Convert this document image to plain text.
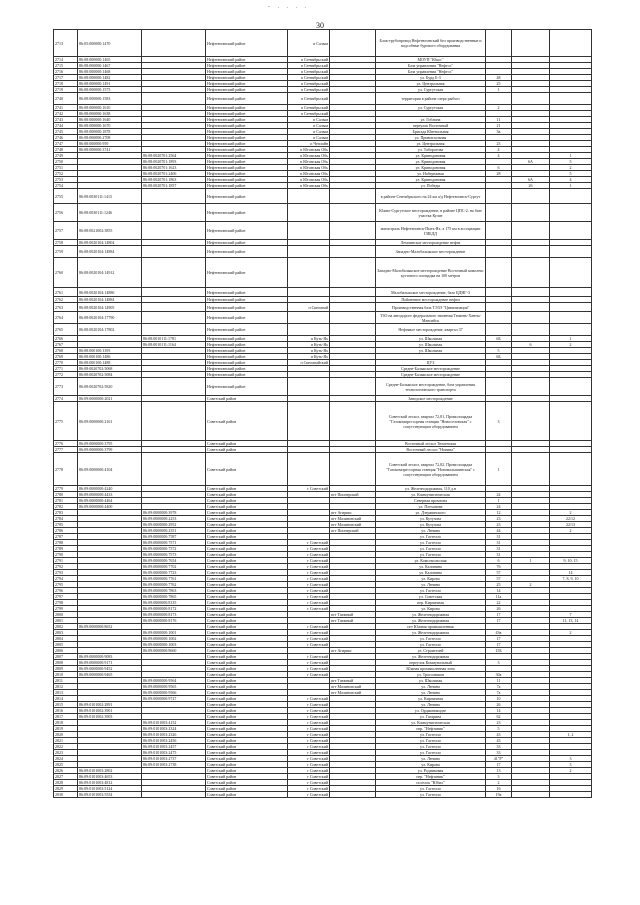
- . . . .
30
2713	86:05:000000:1470		Нефтеюганский район	п Салым		Блок-трубопровод Нефтеюганский бел производственные и подсобные бурового оборудования			
2714	86:08:000000:1465		Нефтеюганский район	п Сентябрьский		МОУП "Юкос"			
2715	86:08:000000:1467		Нефтеюганский район	п Сентябрьский		База управления "Нефтос"			
2716	86:08:000000:1468		Нефтеюганский район	п Сентябрьский		База управления "Нефтос"			
2717	86:08:000000:1482		Нефтеюганский район	п Сентябрьский		ул. Бурд Б-3	48		
2718	86:08:000000:1491		Нефтеюганский район	п Сентябрьский		ул. Центральная	25		
2719	86:08:000000:1575		Нефтеюганский район	п Сентябрьский		ул. Сургутская	1		
2740	86:08:000000:1583		Нефтеюганский район	п Сентябрьский		территория в районе озера рыбхоз			
2741	86:08:000000:1610		Нефтеюганский район	п Сентябрьский		ул. Сургутская	2		
2742	86:08:000000:1638		Нефтеюганский район	п Сентябрьский					
2743	86:08:000000:1640		Нефтеюганский район	п Салым		ул. Гоблина	11		
2744	86:08:000000:1670		Нефтеюганский район	п Салым		переулок Восточный	21		
2745	86:08:000000:1878		Нефтеюганский район	п Салым		Бригада Ювенальная	3в		
2746	86:08:000000:2708		Нефтеюганский район	п Салым		ул. Привокзальная			
2747	86:08:000000:959		Нефтеюганский район	п Чеплайн		ул. Центральная	23		
2748	86:08:000000:3741		Нефтеюганский район	п Юганская Обь		ул. Таборогова	4		
2749		86:08:0020701:2564	Нефтеюганский район	п Юганская Обь		ул. Криводановая	4		1
2750		86:08:0020701:1893	Нефтеюганский район	п Юганская Обь		ул. Криводановая		6А	5
2751		86:08:0020701:1623	Нефтеюганский район	п Юганская Обь		ул. Криводановая	6		2
2752		86:08:0020701:2406	Нефтеюганский район	п Юганская Обь		ул. Набережная	28		5
2753		86:08:0020701:1863	Нефтеюганский район	п Юганская Обь		ул. Криводановая		6А	4
2754		86:08:0020701:1857	Нефтеюганский район	п Юганская Обь		ул. Победы		26	1
2755	86:08:0030111:1415		Нефтеюганский район			в районе Сентябрьского на 24 км а/д Нефтеюганск-Сургут			
2756	86:08:0030111:1246		Нефтеюганский район			Южно-Сургутское месторождение, в районе ЦПС-2, на базе участка Кулит			
2757	86:08:0021002:3855		Нефтеюганский район			магистраль Нефтеюганск-Пыть-Ях, а 175 км в ассоциации ГИБДД			
2758	86:08:0020104:14804		Нефтеюганский район			Лемпинское месторождение нефти			
2759	86:08:0020104:14884		Нефтеюганский район			Западно-Малобалыкское месторождение			
2760	86:08:0020104:14912		Нефтеюганский район			Западно-Малобалыкское месторождение Восточный комплекс кустового площадка на 100 метров			
2761	86:08:0020104:14886		Нефтеюганский район			Малобалыкское месторождение, база ЦДНГ-3			
2762	86:08:0020104:14884		Нефтеюганский район			Пойменное месторождение нефти			
2763	86:08:0020104:14905		Нефтеюганский район	п Сингапай		Производственная база ТЭЗЭ "Цивилизация"			
2764	86:08:0020104:17790		Нефтеюганский район			ТЗО на автодороге федерального значения Тюмень-Ханты-Мансийск			
2765	86:08:0020104:17802		Нефтеюганский район			Нефтяное месторождение, квартал 37			
2766		86:08:0010111:1781	Нефтеюганский район	п Куть-Ях		ул. Школьная	6Б		1
2767		86:08:0010111:1164	Нефтеюганский район	п Куть-Ях		ул. Школьная		6	2
2768	86:08:000100:1395		Нефтеюганский район	п Куть-Ях		ул. Школьная	5		
2769	86:08:000100:1486		Нефтеюганский район	п Куть-Ях			6Б		
2770	86:08:000100:1488		Нефтеюганский район	п Сингапайский		ЦУЗ			
2771	86:08:0020702:5068		Нефтеюганский район			Средне-Балыкское месторождение			
2772	86:08:0020702:5084		Нефтеюганский район			Средне-Балыкское месторождение			
2773	86:08:0020702:5820		Нефтеюганский район			Средне-Балыкское месторождение, база управления технологического транспорта			
2774	86:09:0000000:2021		Советский район			Заводское месторождение			
2775	86:09:0000000:2161		Советский район			Советский лесхоз, квартал 72,81, Промплощадка "Газокомпрессорная станция "Новоселовская" с сопутствующим оборудованием	3		
2776	86:09:0000000:3795		Советский район			Восточный лесхоз Тюменская			
2777	86:09:0000000:3799		Советский район			Восточный лесхоз "Новина"			
2778	86:09:0000000:4104		Советский район			Советский лесхоз, квартал 72,82, Промплощадка "Газокомпрессорная станция "Новомалышинская" с сопутствующим оборудованием	1		
2779	86:09:0000000:4240		Советский район	г Советский		ул. Железнодорожная, 110 д.н			
2780	86:09:0000000:4433		Советский район		пгт Пионерский	ул. Коммунистическая	24		
2781	86:09:0000000:4464		Советский район			Северная промзона	1		
2782	86:09:0000000:4400		Советский район			ул. Плеханова	24		
2783		86:09:0000000:3978	Советский район		пгт Агириш	ул. Дзержинского	12		2
2784		86:09:0000000:2253	Советский район		пгт Малиновский	ул. Кутузова	23		22/12
2785		86:09:0000000:2952	Советский район		пгт Малиновский	ул. Кутузова	23		22/13
2786		86:09:0000000:2351	Советский район		пгт Пионерский	ул. Ленина	44		2
2787		86:09:0000000:7587	Советский район			ул. Гастелло	31		
2788		86:09:0000000:7571	Советский район	г Советский		ул. Гастелло	31		
2789		86:09:0000000:7572	Советский район	г Советский		ул. Гастелло	31		
2790		86:09:0000000:7573	Советский район	г Советский		ул. Гастелло	31		
2791		86:09:0000000:7654	Советский район	г Советский		ул. Комсомольская	6	1	9, 10, 15
2792		86:09:0000000:7702	Советский район	г Советский		ул. Калинина	76		
2793		86:09:0000000:7723	Советский район	г Советский		ул. Калинина	57		14
2794		86:09:0000000:7761	Советский район	г Советский		ул. Кирова	57		7, 8, 9, 10
2795		86:09:0000000:7762	Советский район	г Советский		ул. Ленина	25	2	
2796		86:09:0000000:7863	Советский район	г Советский		ул. Гастелло	14		
2797		86:09:0000000:7865	Советский район	г Советский		ул. Советская	11а		
2798		86:09:0000000:8135	Советский район	г Советский		пер. Кирпичная	22		
2799		86:09:0000000:8172	Советский район	г Советский		ул. Кирова	26		
2800		86:09:0000000:8173	Советский район		пгт Таежный	ул. Железнодорожная	17		7
2801		86:09:0000000:8176	Советский район		пгт Таежный	ул. Железнодорожная	17		11, 13, 14
2802	86:09:0000000:8652		Советский район	г Советский		пгт Южная промышленная			
2803		86:09:0000000:1001	Советский район	г Советский		ул. Железнодорожная	43в		2
2804		86:09:0000000:1002	Советский район	г Советский		ул. Гастелло	17		
2805		86:09:0000000:1003	Советский район	г Советский		ул. Гастелло	17		
2806		86:09:0000000:8660	Советский район		пгт Агириш	ул. Строителей	15Б		
2807	86:09:0000000:9083		Советский район	г Советский		ул. Железнодорожная			
2808	86:09:0000000:9171		Советский район	г Советский		переулок Коммунальный	3		
2809	86:09:0000000:9452		Советский район	г Советский		Южная промышленная зона			
2810	86:09:0000000:9465		Советский район	г Советский		ул. Трассовиков	30а		
2811		86:09:0000000:9564	Советский район		пгт Таежный	ул. Школьная	11		
2812		86:09:0000000:9565	Советский район		пгт Малиновский	ул. Ленина	7а		
2813		86:09:0000000:9566	Советский район		пгт Малиновский	ул. Ленина	7а		
2814		86:09:0000000:9727	Советский район	г Советский		ул. Кирпичная	10		
2815	86:09:0101002:2891		Советский район	г Советский		ул. Ленина	26		
2816	86:09:0101002:3901		Советский район	г Советский		ул. Орджоникидзе	14		
2817	86:09:0101002:3903		Советский район	г Советский		ул. Гагарина	62		
2818		86:09:0101003:4152	Советский район	г Советский		ул. Коммунистическая	23		
2819		86:09:0101003:2324	Советский район	г Советский		пер. "Нефтяник"	5		
2820		86:09:0101003:2326	Советский район	г Советский		ул. Гастелло	43		1, 2
2821		86:09:0101003:2456	Советский район	г Советский		ул. Гастелло	43		
2822		86:09:0101003:2457	Советский район	г Советский		ул. Гастелло	33		
2823		86:09:0101003:2475	Советский район	г Советский		ул. Гастелло	33		
2824		86:09:0101003:2737	Советский район	г Советский		ул. Ленина	41"Р"		3
2825		86:09:0101003:2738	Советский район	г Советский		ул. Кирова	17		3
2826	86:09:0101003:2802		Советский район	г Советский		ул. Родниковая	13		2
2827	86:09:0101003:4653		Советский район	г Советский		пер. "Нефтяник"	3		
2828	86:09:0101003:4812		Советский район	г Советский		поселок "Юбил"	2		
2829	86:09:0101003:5124		Советский район	г Советский		ул. Гастелло	16		
2830	86:09:0101003:5554		Советский район	г Советский		ул. Гастелло	19а		
